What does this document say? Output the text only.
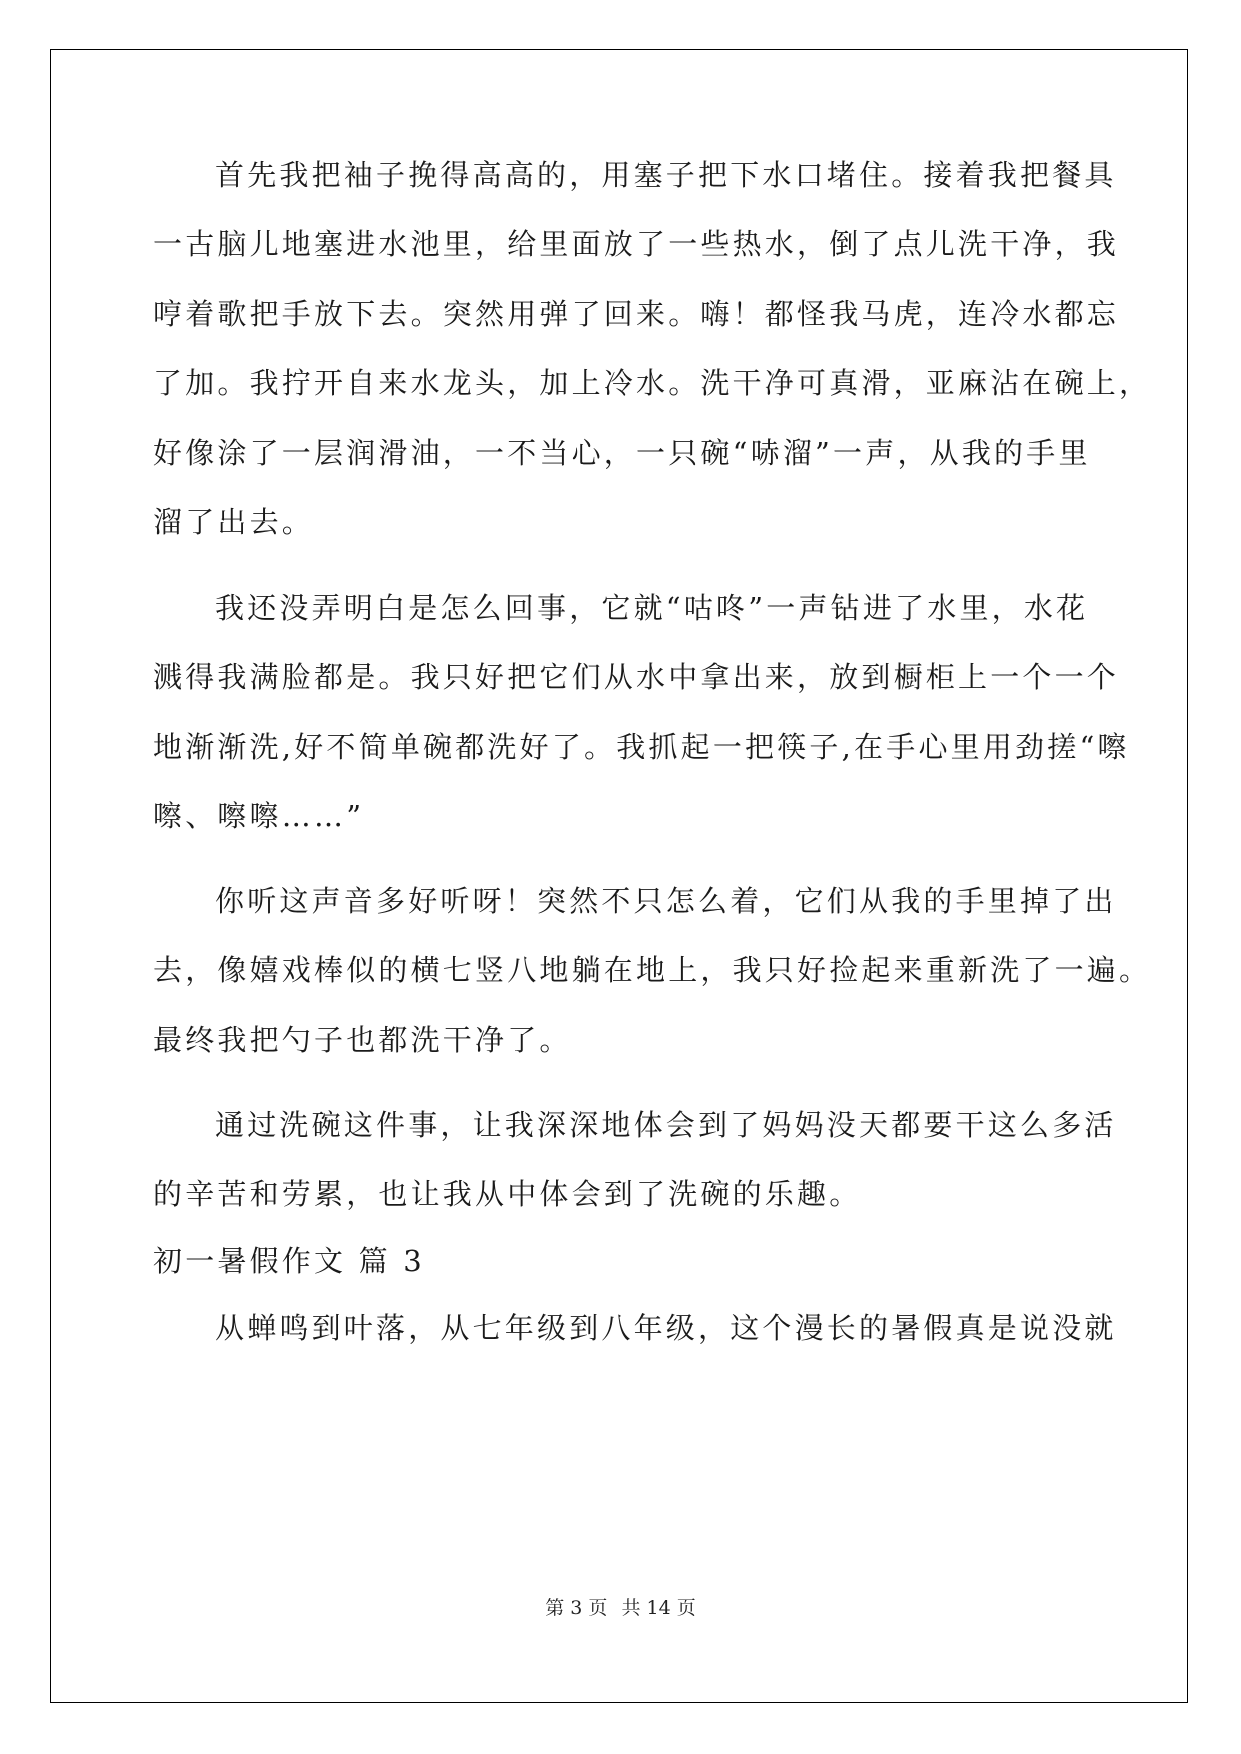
首先我把袖子挽得高高的，用塞子把下水口堵住。接着我把餐具
一古脑儿地塞进水池里，给里面放了一些热水，倒了点儿洗干净，我
哼着歌把手放下去。突然用弹了回来。嗨！都怪我马虎，连冷水都忘
了加。我拧开自来水龙头，加上冷水。洗干净可真滑，亚麻沾在碗上，
好像涂了一层润滑油，一不当心，一只碗“哧溜”一声，从我的手里
溜了出去。
我还没弄明白是怎么回事，它就“咕咚”一声钻进了水里，水花
溅得我满脸都是。我只好把它们从水中拿出来，放到橱柜上一个一个
地渐渐洗,好不简单碗都洗好了。我抓起一把筷子,在手心里用劲搓“嚓
嚓、嚓嚓……”
你听这声音多好听呀！突然不只怎么着，它们从我的手里掉了出
去，像嬉戏棒似的横七竖八地躺在地上，我只好捡起来重新洗了一遍。
最终我把勺子也都洗干净了。
通过洗碗这件事，让我深深地体会到了妈妈没天都要干这么多活
的辛苦和劳累，也让我从中体会到了洗碗的乐趣。
初一暑假作文 篇 3
从蝉鸣到叶落，从七年级到八年级，这个漫长的暑假真是说没就
第 3 页 共 14 页
